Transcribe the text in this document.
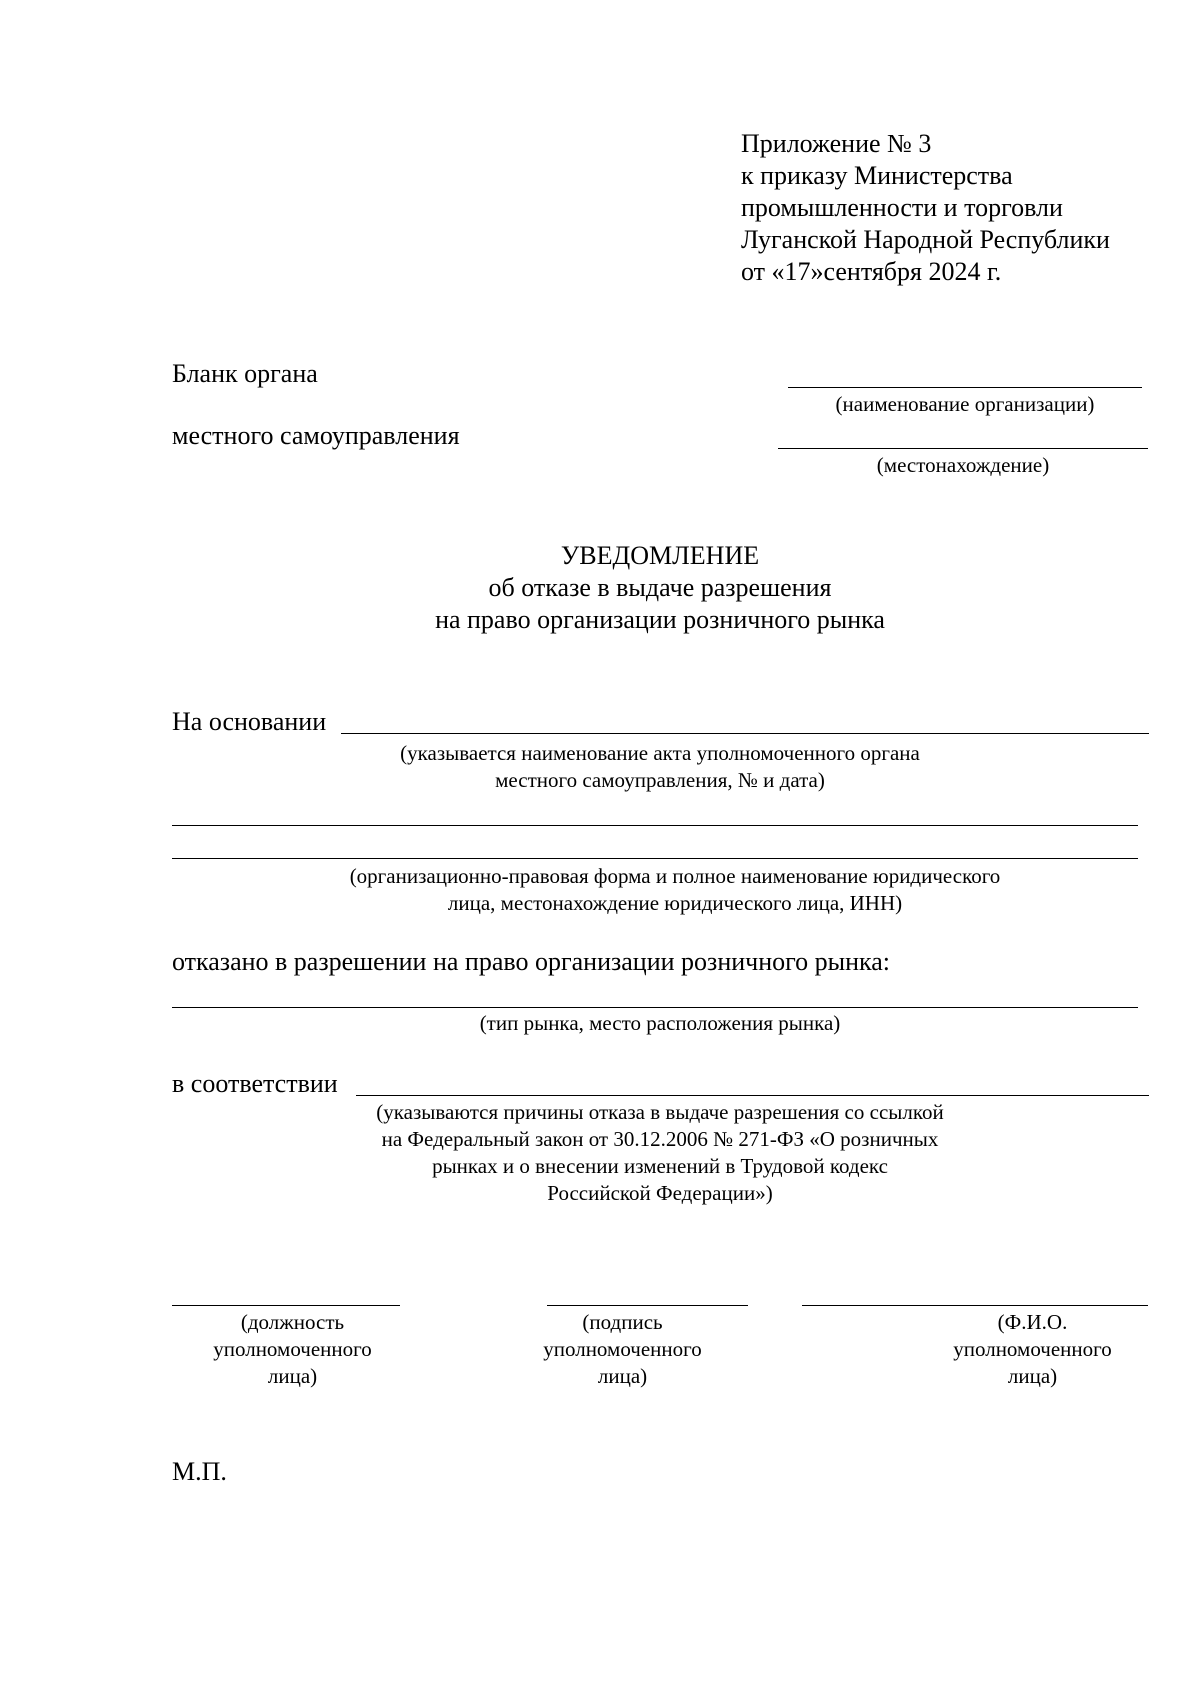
Приложение № 3
к приказу Министерства
промышленности и торговли
Луганской Народной Республики
от «17»сентября 2024 г.
Бланк органа
местного самоуправления
(наименование организации)
(местонахождение)
УВЕДОМЛЕНИЕ
об отказе в выдаче разрешения
на право организации розничного рынка
На основании
(указывается наименование акта уполномоченного органа
местного самоуправления, № и дата)
(организационно-правовая форма и полное наименование юридического
лица, местонахождение юридического лица, ИНН)
отказано в разрешении на право организации розничного рынка:
(тип рынка, место расположения рынка)
в соответствии
(указываются причины отказа в выдаче разрешения со ссылкой
на Федеральный закон от 30.12.2006 № 271-ФЗ «О розничных
рынках и о внесении изменений в Трудовой кодекс
Российской Федерации»)
(должность
уполномоченного
лица)
(подпись
уполномоченного
лица)
(Ф.И.О.
уполномоченного
лица)
М.П.
